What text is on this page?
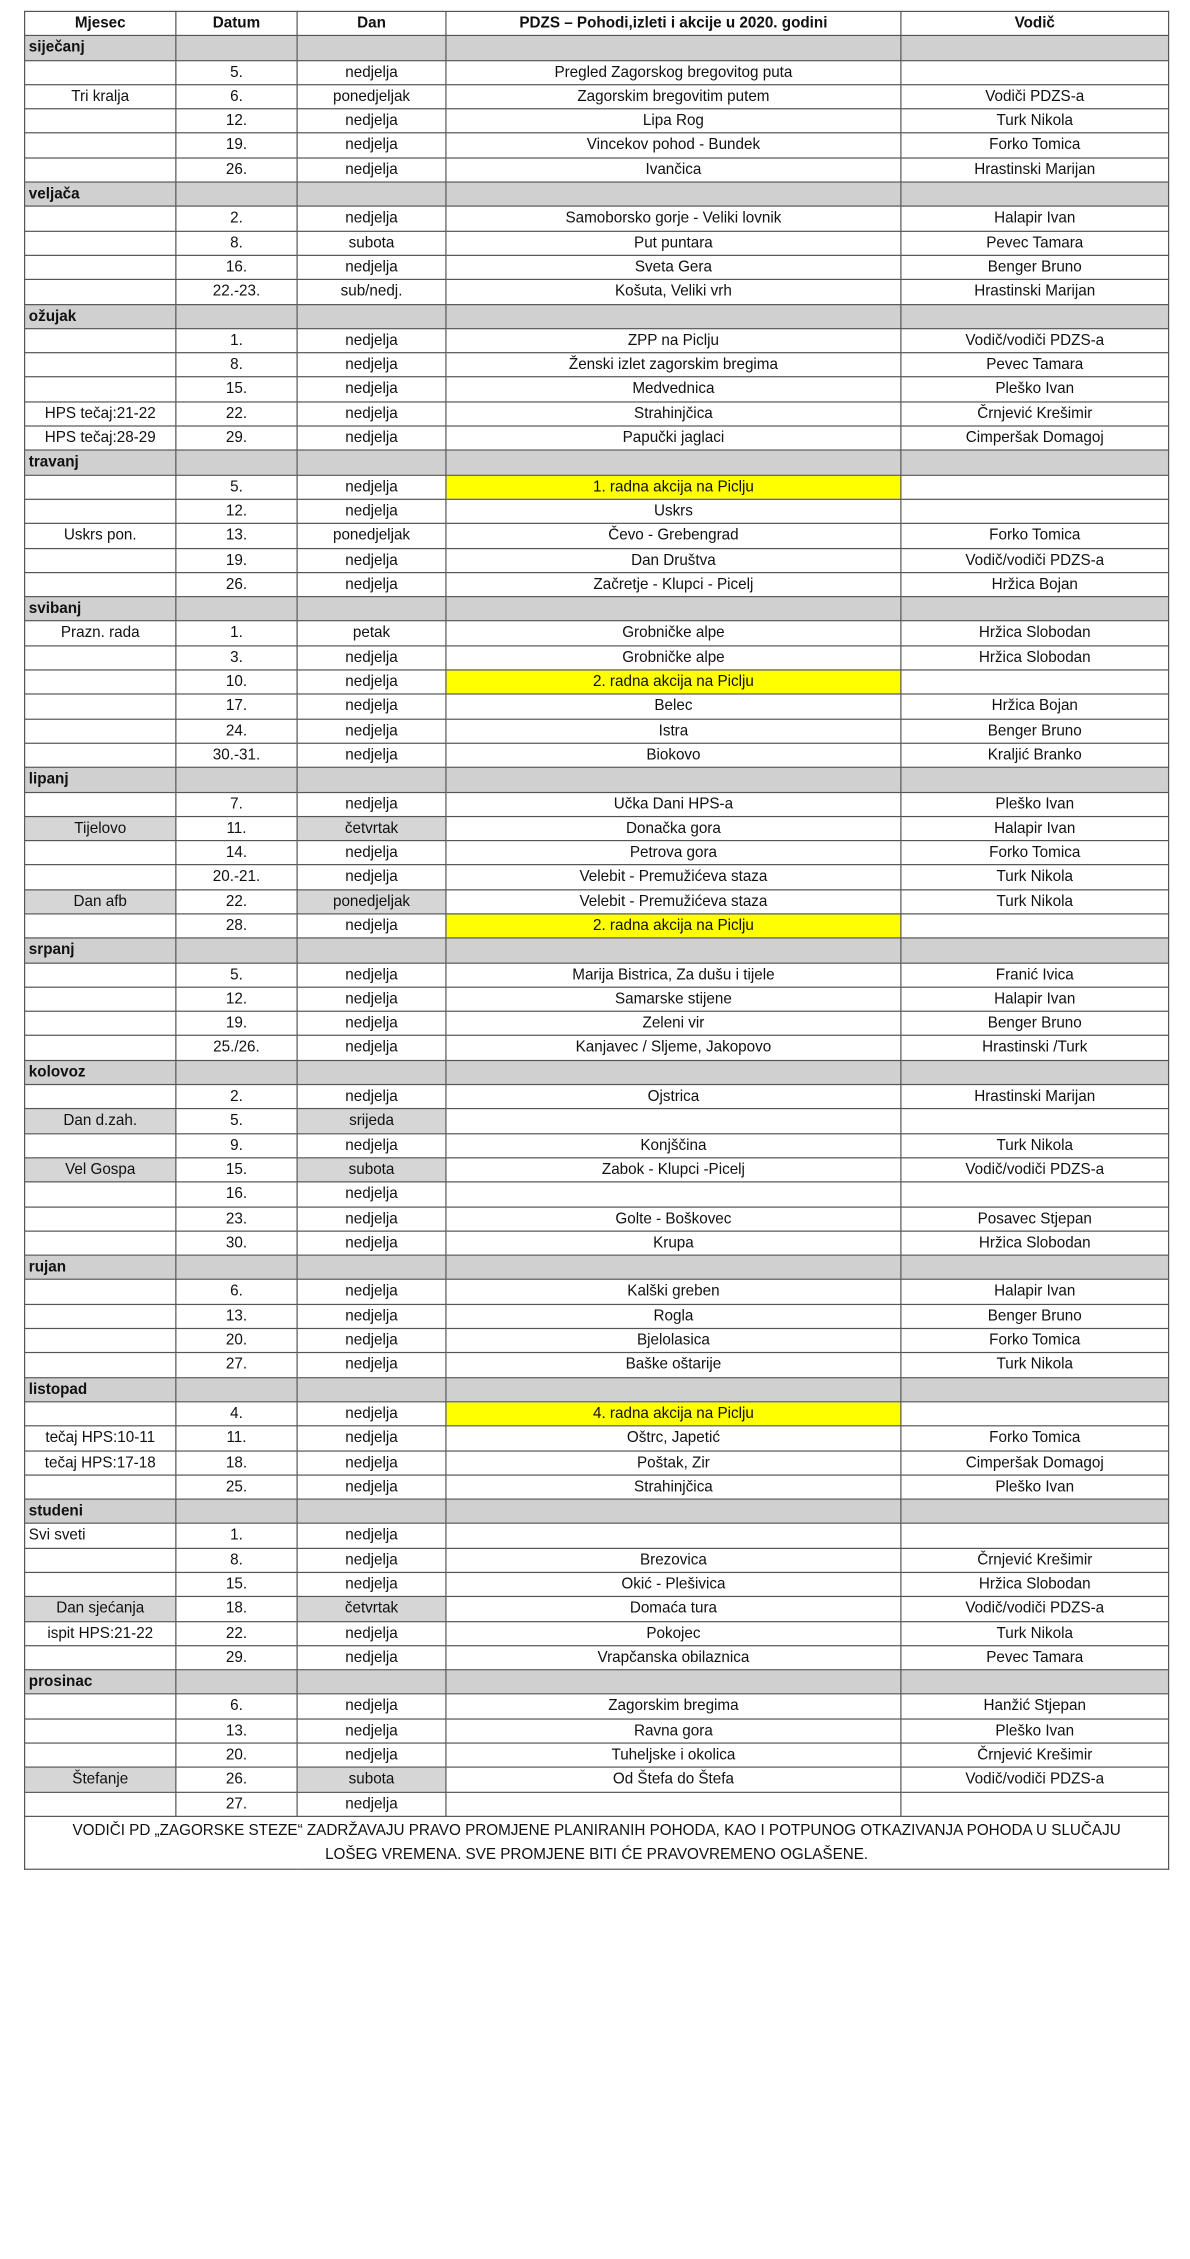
Mjesec	Datum	Dan	PDZS – Pohodi,izleti i akcije u 2020. godini	Vodič
siječanj				
	5.	nedjelja	Pregled Zagorskog bregovitog puta	
Tri kralja	6.	ponedjeljak	Zagorskim bregovitim putem	Vodiči PDZS-a
	12.	nedjelja	Lipa Rog	Turk Nikola
	19.	nedjelja	Vincekov pohod - Bundek	Forko Tomica
	26.	nedjelja	Ivančica	Hrastinski Marijan
veljača				
	2.	nedjelja	Samoborsko gorje - Veliki lovnik	Halapir Ivan
	8.	subota	Put puntara	Pevec Tamara
	16.	nedjelja	Sveta Gera	Benger Bruno
	22.-23.	sub/nedj.	Košuta, Veliki vrh	Hrastinski Marijan
ožujak				
	1.	nedjelja	ZPP na Piclju	Vodič/vodiči PDZS-a
	8.	nedjelja	Ženski izlet zagorskim bregima	Pevec Tamara
	15.	nedjelja	Medvednica	Pleško Ivan
HPS tečaj:21-22	22.	nedjelja	Strahinjčica	Črnjević Krešimir
HPS tečaj:28-29	29.	nedjelja	Papučki jaglaci	Cimperšak Domagoj
travanj				
	5.	nedjelja	1. radna akcija na Piclju	
	12.	nedjelja	Uskrs	
Uskrs pon.	13.	ponedjeljak	Čevo - Grebengrad	Forko Tomica
	19.	nedjelja	Dan Društva	Vodič/vodiči PDZS-a
	26.	nedjelja	Začretje - Klupci - Picelj	Hržica Bojan
svibanj				
Prazn. rada	1.	petak	Grobničke alpe	Hržica Slobodan
	3.	nedjelja	Grobničke alpe	Hržica Slobodan
	10.	nedjelja	2. radna akcija na Piclju	
	17.	nedjelja	Belec	Hržica Bojan
	24.	nedjelja	Istra	Benger Bruno
	30.-31.	nedjelja	Biokovo	Kraljić Branko
lipanj				
	7.	nedjelja	Učka Dani HPS-a	Pleško Ivan
Tijelovo	11.	četvrtak	Donačka gora	Halapir Ivan
	14.	nedjelja	Petrova gora	Forko Tomica
	20.-21.	nedjelja	Velebit - Premužićeva staza	Turk Nikola
Dan afb	22.	ponedjeljak	Velebit - Premužićeva staza	Turk Nikola
	28.	nedjelja	2. radna akcija na Piclju	
srpanj				
	5.	nedjelja	Marija Bistrica, Za dušu i tijele	Franić Ivica
	12.	nedjelja	Samarske stijene	Halapir Ivan
	19.	nedjelja	Zeleni vir	Benger Bruno
	25./26.	nedjelja	Kanjavec / Sljeme, Jakopovo	Hrastinski /Turk
kolovoz				
	2.	nedjelja	Ojstrica	Hrastinski Marijan
Dan d.zah.	5.	srijeda		
	9.	nedjelja	Konjščina	Turk Nikola
Vel Gospa	15.	subota	Zabok - Klupci -Picelj	Vodič/vodiči PDZS-a
	16.	nedjelja		
	23.	nedjelja	Golte - Boškovec	Posavec Stjepan
	30.	nedjelja	Krupa	Hržica Slobodan
rujan				
	6.	nedjelja	Kalški greben	Halapir Ivan
	13.	nedjelja	Rogla	Benger Bruno
	20.	nedjelja	Bjelolasica	Forko Tomica
	27.	nedjelja	Baške oštarije	Turk Nikola
listopad				
	4.	nedjelja	4. radna akcija na Piclju	
tečaj HPS:10-11	11.	nedjelja	Oštrc, Japetić	Forko Tomica
tečaj HPS:17-18	18.	nedjelja	Poštak, Zir	Cimperšak Domagoj
	25.	nedjelja	Strahinjčica	Pleško Ivan
studeni				
Svi sveti	1.	nedjelja		
	8.	nedjelja	Brezovica	Črnjević Krešimir
	15.	nedjelja	Okić - Plešivica	Hržica Slobodan
Dan sjećanja	18.	četvrtak	Domaća tura	Vodič/vodiči PDZS-a
ispit HPS:21-22	22.	nedjelja	Pokojec	Turk Nikola
	29.	nedjelja	Vrapčanska obilaznica	Pevec Tamara
prosinac				
	6.	nedjelja	Zagorskim bregima	Hanžić Stjepan
	13.	nedjelja	Ravna gora	Pleško Ivan
	20.	nedjelja	Tuheljske i okolica	Črnjević Krešimir
Štefanje	26.	subota	Od Štefa do Štefa	Vodič/vodiči PDZS-a
	27.	nedjelja		
VODIČI PD „ZAGORSKE STEZE“ ZADRŽAVAJU PRAVO PROMJENE PLANIRANIH POHODA, KAO I POTPUNOG OTKAZIVANJA POHODA U SLUČAJU LOŠEG VREMENA. SVE PROMJENE BITI ĆE PRAVOVREMENO OGLAŠENE.				
